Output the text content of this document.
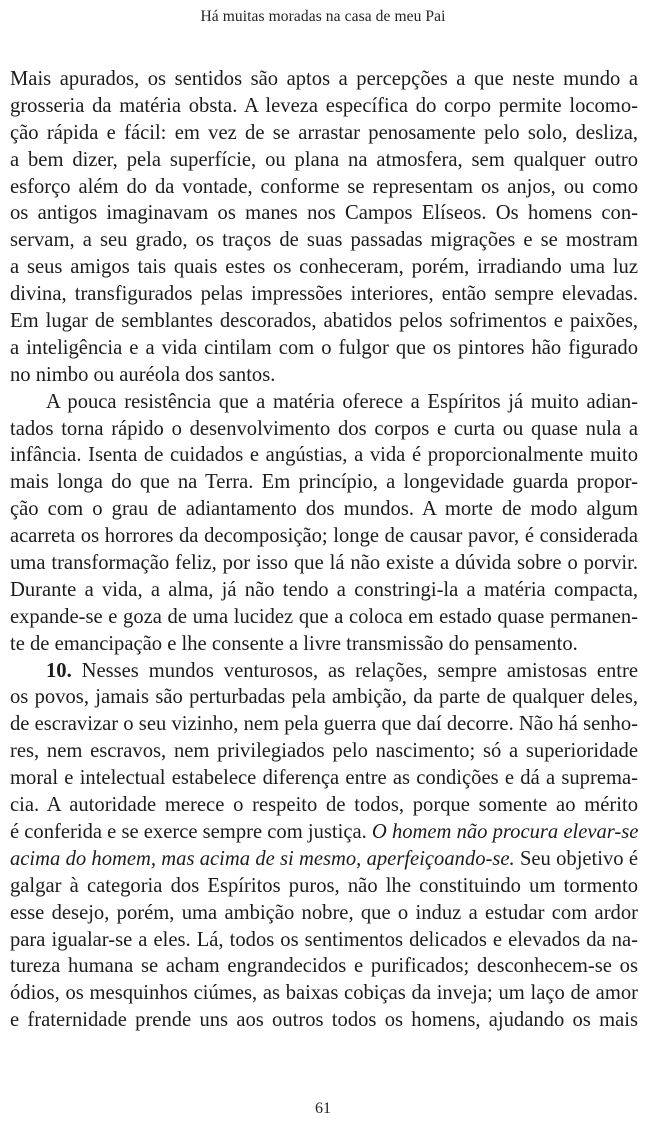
Há muitas moradas na casa de meu Pai
Mais apurados, os sentidos são aptos a percepções a que neste mundo a
grosseria da matéria obsta. A leveza específica do corpo permite locomo-
ção rápida e fácil: em vez de se arrastar penosamente pelo solo, desliza,
a bem dizer, pela superfície, ou plana na atmosfera, sem qualquer outro
esforço além do da vontade, conforme se representam os anjos, ou como
os antigos imaginavam os manes nos Campos Elíseos. Os homens con-
servam, a seu grado, os traços de suas passadas migrações e se mostram
a seus amigos tais quais estes os conheceram, porém, irradiando uma luz
divina, transfigurados pelas impressões interiores, então sempre elevadas.
Em lugar de semblantes descorados, abatidos pelos sofrimentos e paixões,
a inteligência e a vida cintilam com o fulgor que os pintores hão figurado
no nimbo ou auréola dos santos.
A pouca resistência que a matéria oferece a Espíritos já muito adian-
tados torna rápido o desenvolvimento dos corpos e curta ou quase nula a
infância. Isenta de cuidados e angústias, a vida é proporcionalmente muito
mais longa do que na Terra. Em princípio, a longevidade guarda propor-
ção com o grau de adiantamento dos mundos. A morte de modo algum
acarreta os horrores da decomposição; longe de causar pavor, é considerada
uma transformação feliz, por isso que lá não existe a dúvida sobre o porvir.
Durante a vida, a alma, já não tendo a constringi-la a matéria compacta,
expande-se e goza de uma lucidez que a coloca em estado quase permanen-
te de emancipação e lhe consente a livre transmissão do pensamento.
10. Nesses mundos venturosos, as relações, sempre amistosas entre
os povos, jamais são perturbadas pela ambição, da parte de qualquer deles,
de escravizar o seu vizinho, nem pela guerra que daí decorre. Não há senho-
res, nem escravos, nem privilegiados pelo nascimento; só a superioridade
moral e intelectual estabelece diferença entre as condições e dá a suprema-
cia. A autoridade merece o respeito de todos, porque somente ao mérito
é conferida e se exerce sempre com justiça. O homem não procura elevar-se
acima do homem, mas acima de si mesmo, aperfeiçoando-se. Seu objetivo é
galgar à categoria dos Espíritos puros, não lhe constituindo um tormento
esse desejo, porém, uma ambição nobre, que o induz a estudar com ardor
para igualar-se a eles. Lá, todos os sentimentos delicados e elevados da na-
tureza humana se acham engrandecidos e purificados; desconhecem-se os
ódios, os mesquinhos ciúmes, as baixas cobiças da inveja; um laço de amor
e fraternidade prende uns aos outros todos os homens, ajudando os mais
61
